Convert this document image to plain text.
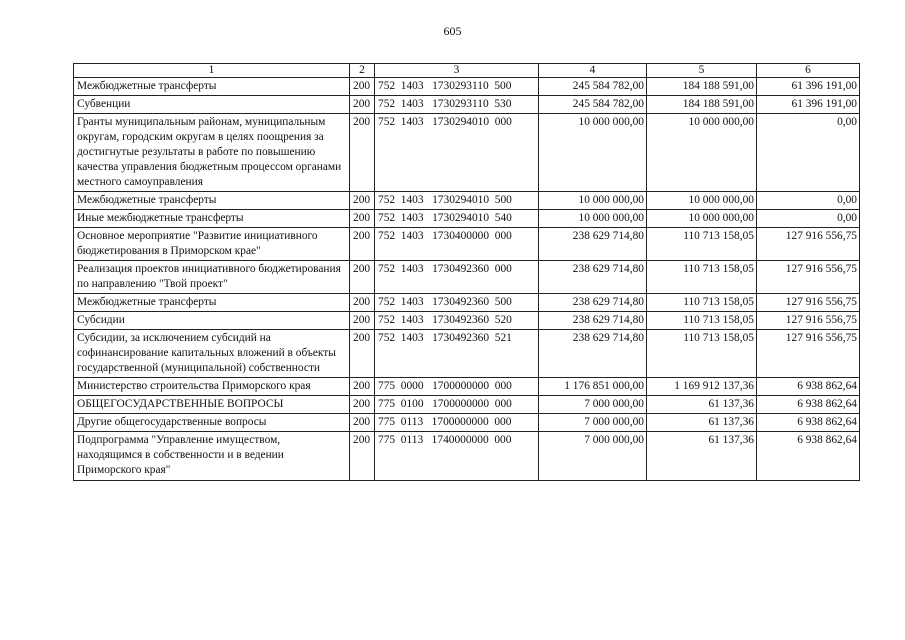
605
1	2	3	4	5	6
Межбюджетные трансферты	200	752  1403   1730293110  500	245 584 782,00	184 188 591,00	61 396 191,00
Субвенции	200	752  1403   1730293110  530	245 584 782,00	184 188 591,00	61 396 191,00
Гранты муниципальным районам, муниципальным округам, городским округам в целях поощрения за достигнутые результаты в работе по повышению качества управления бюджетным процессом органами местного самоуправления	200	752  1403   1730294010  000	10 000 000,00	10 000 000,00	0,00
Межбюджетные трансферты	200	752  1403   1730294010  500	10 000 000,00	10 000 000,00	0,00
Иные межбюджетные трансферты	200	752  1403   1730294010  540	10 000 000,00	10 000 000,00	0,00
Основное мероприятие "Развитие инициативного бюджетирования в Приморском крае"	200	752  1403   1730400000  000	238 629 714,80	110 713 158,05	127 916 556,75
Реализация проектов инициативного бюджетирования по направлению "Твой проект"	200	752  1403   1730492360  000	238 629 714,80	110 713 158,05	127 916 556,75
Межбюджетные трансферты	200	752  1403   1730492360  500	238 629 714,80	110 713 158,05	127 916 556,75
Субсидии	200	752  1403   1730492360  520	238 629 714,80	110 713 158,05	127 916 556,75
Субсидии, за исключением субсидий на софинансирование капитальных вложений в объекты государственной (муниципальной) собственности	200	752  1403   1730492360  521	238 629 714,80	110 713 158,05	127 916 556,75
Министерство строительства Приморского края	200	775  0000   1700000000  000	1 176 851 000,00	1 169 912 137,36	6 938 862,64
ОБЩЕГОСУДАРСТВЕННЫЕ ВОПРОСЫ	200	775  0100   1700000000  000	7 000 000,00	61 137,36	6 938 862,64
Другие общегосударственные вопросы	200	775  0113   1700000000  000	7 000 000,00	61 137,36	6 938 862,64
Подпрограмма "Управление имуществом, находящимся в собственности и в ведении Приморского края"	200	775  0113   1740000000  000	7 000 000,00	61 137,36	6 938 862,64
